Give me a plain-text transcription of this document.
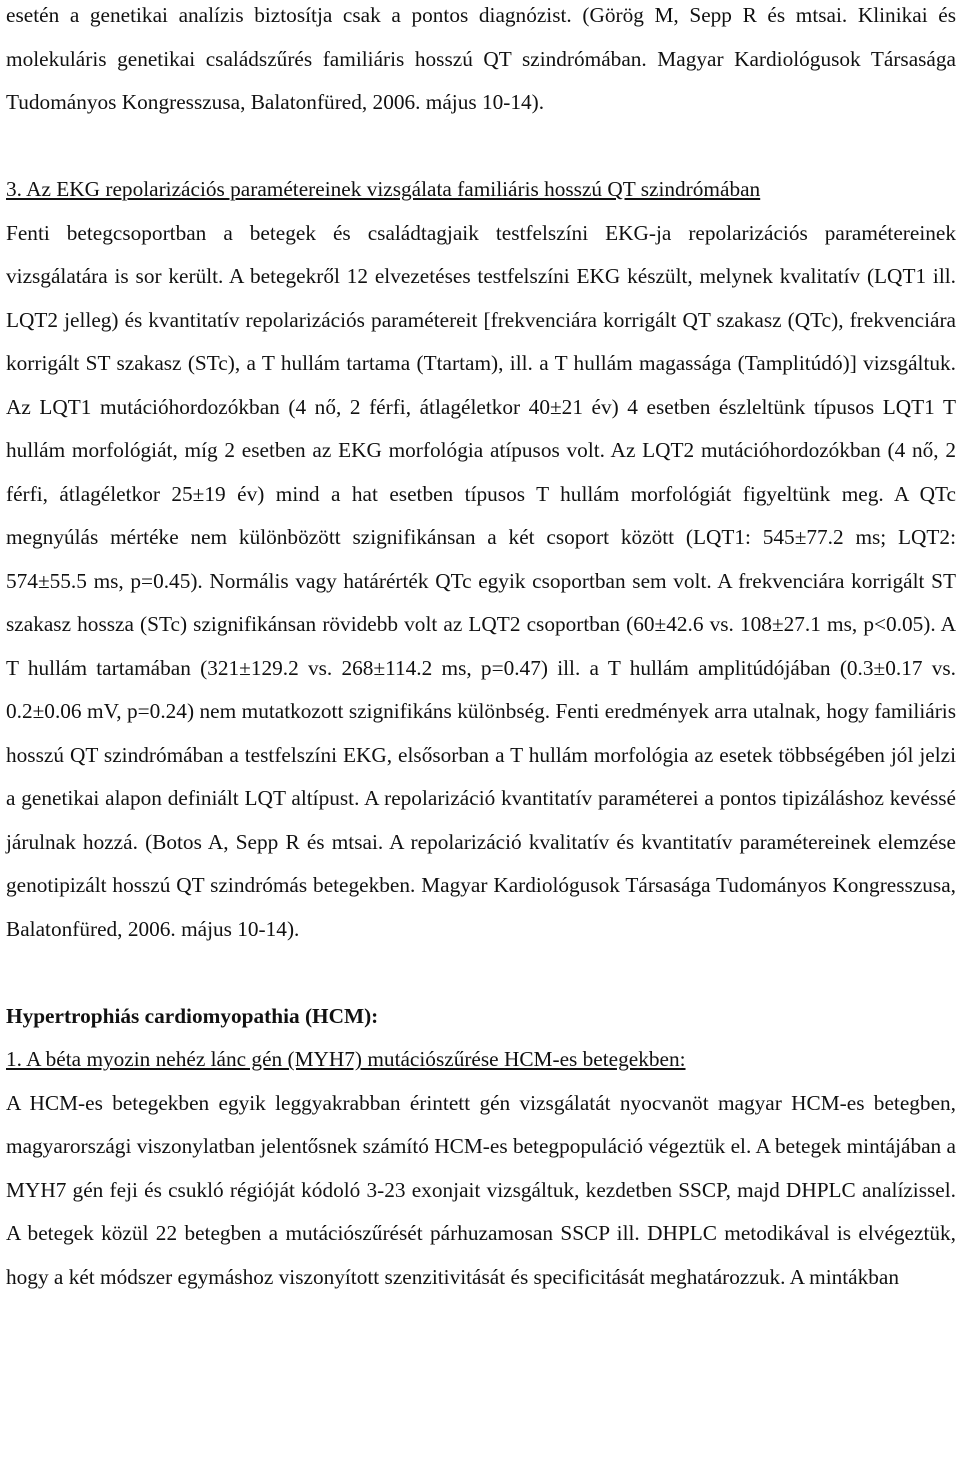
esetén a genetikai analízis biztosítja csak a pontos diagnózist. (Görög M, Sepp R és mtsai. Klinikai és molekuláris genetikai családszűrés familiáris hosszú QT szindrómában. Magyar Kardiológusok Társasága Tudományos Kongresszusa, Balatonfüred, 2006. május 10-14).

3. Az EKG repolarizációs paramétereinek vizsgálata familiáris hosszú QT szindrómában
Fenti betegcsoportban a betegek és családtagjaik testfelszíni EKG-ja repolarizációs paramétereinek vizsgálatára is sor került. A betegekről 12 elvezetéses testfelszíni EKG készült, melynek kvalitatív (LQT1 ill. LQT2 jelleg) és kvantitatív repolarizációs paramétereit [frekvenciára korrigált QT szakasz (QTc), frekvenciára korrigált ST szakasz (STc), a T hullám tartama (Ttartam), ill. a T hullám magassága (Tamplitúdó)] vizsgáltuk. Az LQT1 mutációhordozókban (4 nő, 2 férfi, átlagéletkor 40±21 év) 4 esetben észleltünk típusos LQT1 T hullám morfológiát, míg 2 esetben az EKG morfológia atípusos volt. Az LQT2 mutációhordozókban (4 nő, 2 férfi, átlagéletkor 25±19 év) mind a hat esetben típusos T hullám morfológiát figyeltünk meg. A QTc megnyúlás mértéke nem különbözött szignifikánsan a két csoport között (LQT1: 545±77.2 ms; LQT2: 574±55.5 ms, p=0.45). Normális vagy határérték QTc egyik csoportban sem volt. A frekvenciára korrigált ST szakasz hossza (STc) szignifikánsan rövidebb volt az LQT2 csoportban (60±42.6 vs. 108±27.1 ms, p<0.05). A T hullám tartamában (321±129.2 vs. 268±114.2 ms, p=0.47) ill. a T hullám amplitúdójában (0.3±0.17 vs. 0.2±0.06 mV, p=0.24) nem mutatkozott szignifikáns különbség. Fenti eredmények arra utalnak, hogy familiáris hosszú QT szindrómában a testfelszíni EKG, elsősorban a T hullám morfológia az esetek többségében jól jelzi a genetikai alapon definiált LQT altípust. A repolarizáció kvantitatív paraméterei a pontos tipizáláshoz kevéssé járulnak hozzá. (Botos A, Sepp R és mtsai. A repolarizáció kvalitatív és kvantitatív paramétereinek elemzése genotipizált hosszú QT szindrómás betegekben. Magyar Kardiológusok Társasága Tudományos Kongresszusa, Balatonfüred, 2006. május 10-14).

Hypertrophiás cardiomyopathia (HCM):

1. A béta myozin nehéz lánc gén (MYH7) mutációszűrése HCM-es betegekben:

A HCM-es betegekben egyik leggyakrabban érintett gén vizsgálatát nyocvanöt magyar HCM-es betegben, magyarországi viszonylatban jelentősnek számító HCM-es betegpopuláció végeztük el. A betegek mintájában a MYH7 gén feji és csukló régióját kódoló 3-23 exonjait vizsgáltuk, kezdetben SSCP, majd DHPLC analízissel. A betegek közül 22 betegben a mutációszűrését párhuzamosan SSCP ill. DHPLC metodikával is elvégeztük, hogy a két módszer egymáshoz viszonyított szenzitivitását és specificitását meghatározzuk. A mintákban
